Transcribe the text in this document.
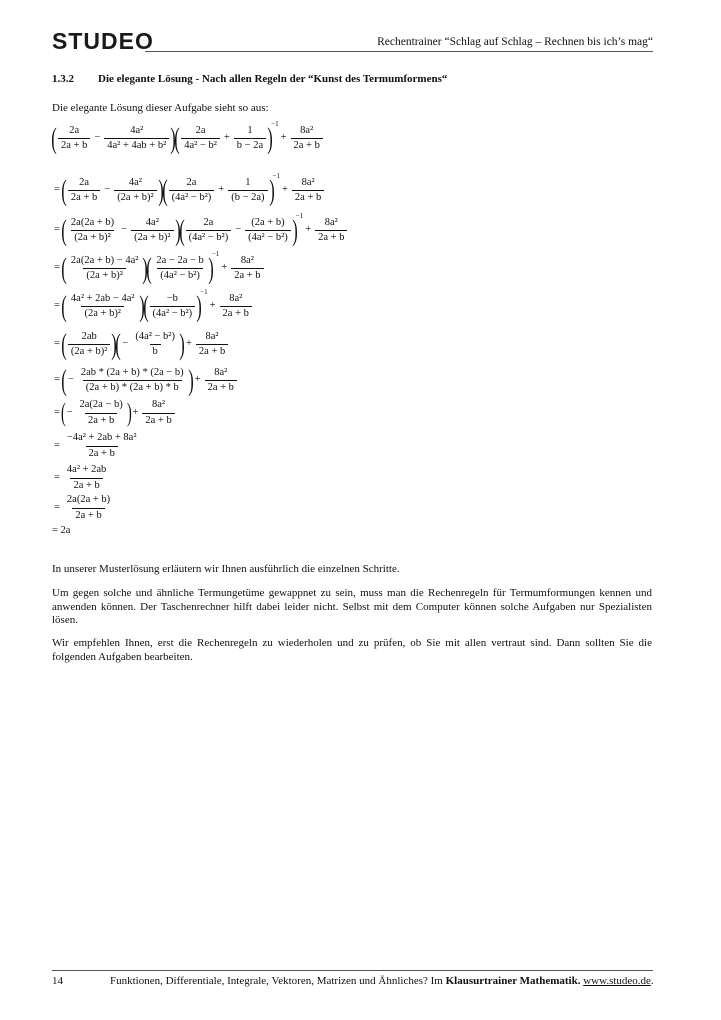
STUDEO	Rechentrainer “Schlag auf Schlag – Rechnen bis ich’s mag“
1.3.2 Die elegante Lösung - Nach allen Regeln der “Kunst des Termumformens“
Die elegante Lösung dieser Aufgabe sieht so aus:
( $\frac{2a}{2a + b} - \frac{\text{4a²}}{\text{4a² + 4ab + b²}}$ )
( $\frac{2a}{\text{4a² − b²}} + \frac{1}{b - 2a}$ )
−1
+ $\frac{\text{8a²}}{2a + b}$
= ( $\frac{2a}{2a + b} - \frac{\text{4a²}}{\text{(2a + b)²}}$ )
( $\frac{2a}{\text{(4a² − b²)}} + \frac{1}{(b - 2a)}$ )
−1
+ $\frac{\text{8a²}}{2a + b}$
= ( $\frac{2a(2a + b)}{\text{(2a + b)²}} - \frac{\text{4a²}}{\text{(2a + b)²}}$ )
( $\frac{2a}{\text{(4a² − b²)}} - \frac{(2a + b)}{\text{(4a² − b²)}}$ )
−1
+ $\frac{\text{8a²}}{2a + b}$
= ( $\frac{\text{2a(2a + b) − 4a²}}{\text{(2a + b)²}}$ )
( $\frac{2a - 2a - b}{\text{(4a² − b²)}}$ )
−1
+ $\frac{\text{8a²}}{2a + b}$
= ( $\frac{\text{4a² + 2ab − 4a²}}{\text{(2a + b)²}}$ )
( $\frac{-b}{\text{(4a² − b²)}}$ )
−1
+ $\frac{\text{8a²}}{2a + b}$
= ( $\frac{2ab}{\text{(2a + b)²}}$ )
( − $\frac{\text{(4a² − b²)}}{b}$ ) + $\frac{\text{8a²}}{2a + b}$
= ( − $\frac{2ab * (2a + b) * (2a - b)}{(2a + b) * (2a + b) * b}$ ) + $\frac{\text{8a²}}{2a + b}$
= ( − $\frac{2a(2a - b)}{2a + b}$ ) + $\frac{\text{8a²}}{2a + b}$
= $\frac{\text{−4a² + 2ab + 8a²}}{2a + b}$
= $\frac{\text{4a² + 2ab}}{2a + b}$
= $\frac{2a(2a + b)}{2a + b}$
= 2a
In unserer Musterlösung erläutern wir Ihnen ausführlich die einzelnen Schritte.
Um gegen solche und ähnliche Termungetüme gewappnet zu sein, muss man die Rechenregeln für Termumformungen kennen und anwenden können. Der Taschenrechner hilft dabei leider nicht. Selbst mit dem Computer können solche Aufgaben nur Spezialisten lösen.
Wir empfehlen Ihnen, erst die Rechenregeln zu wiederholen und zu prüfen, ob Sie mit allen vertraut sind. Dann sollten Sie die folgenden Aufgaben bearbeiten.
14	Funktionen, Differentiale, Integrale, Vektoren, Matrizen und Ähnliches? Im Klausurtrainer Mathematik. www.studeo.de.
